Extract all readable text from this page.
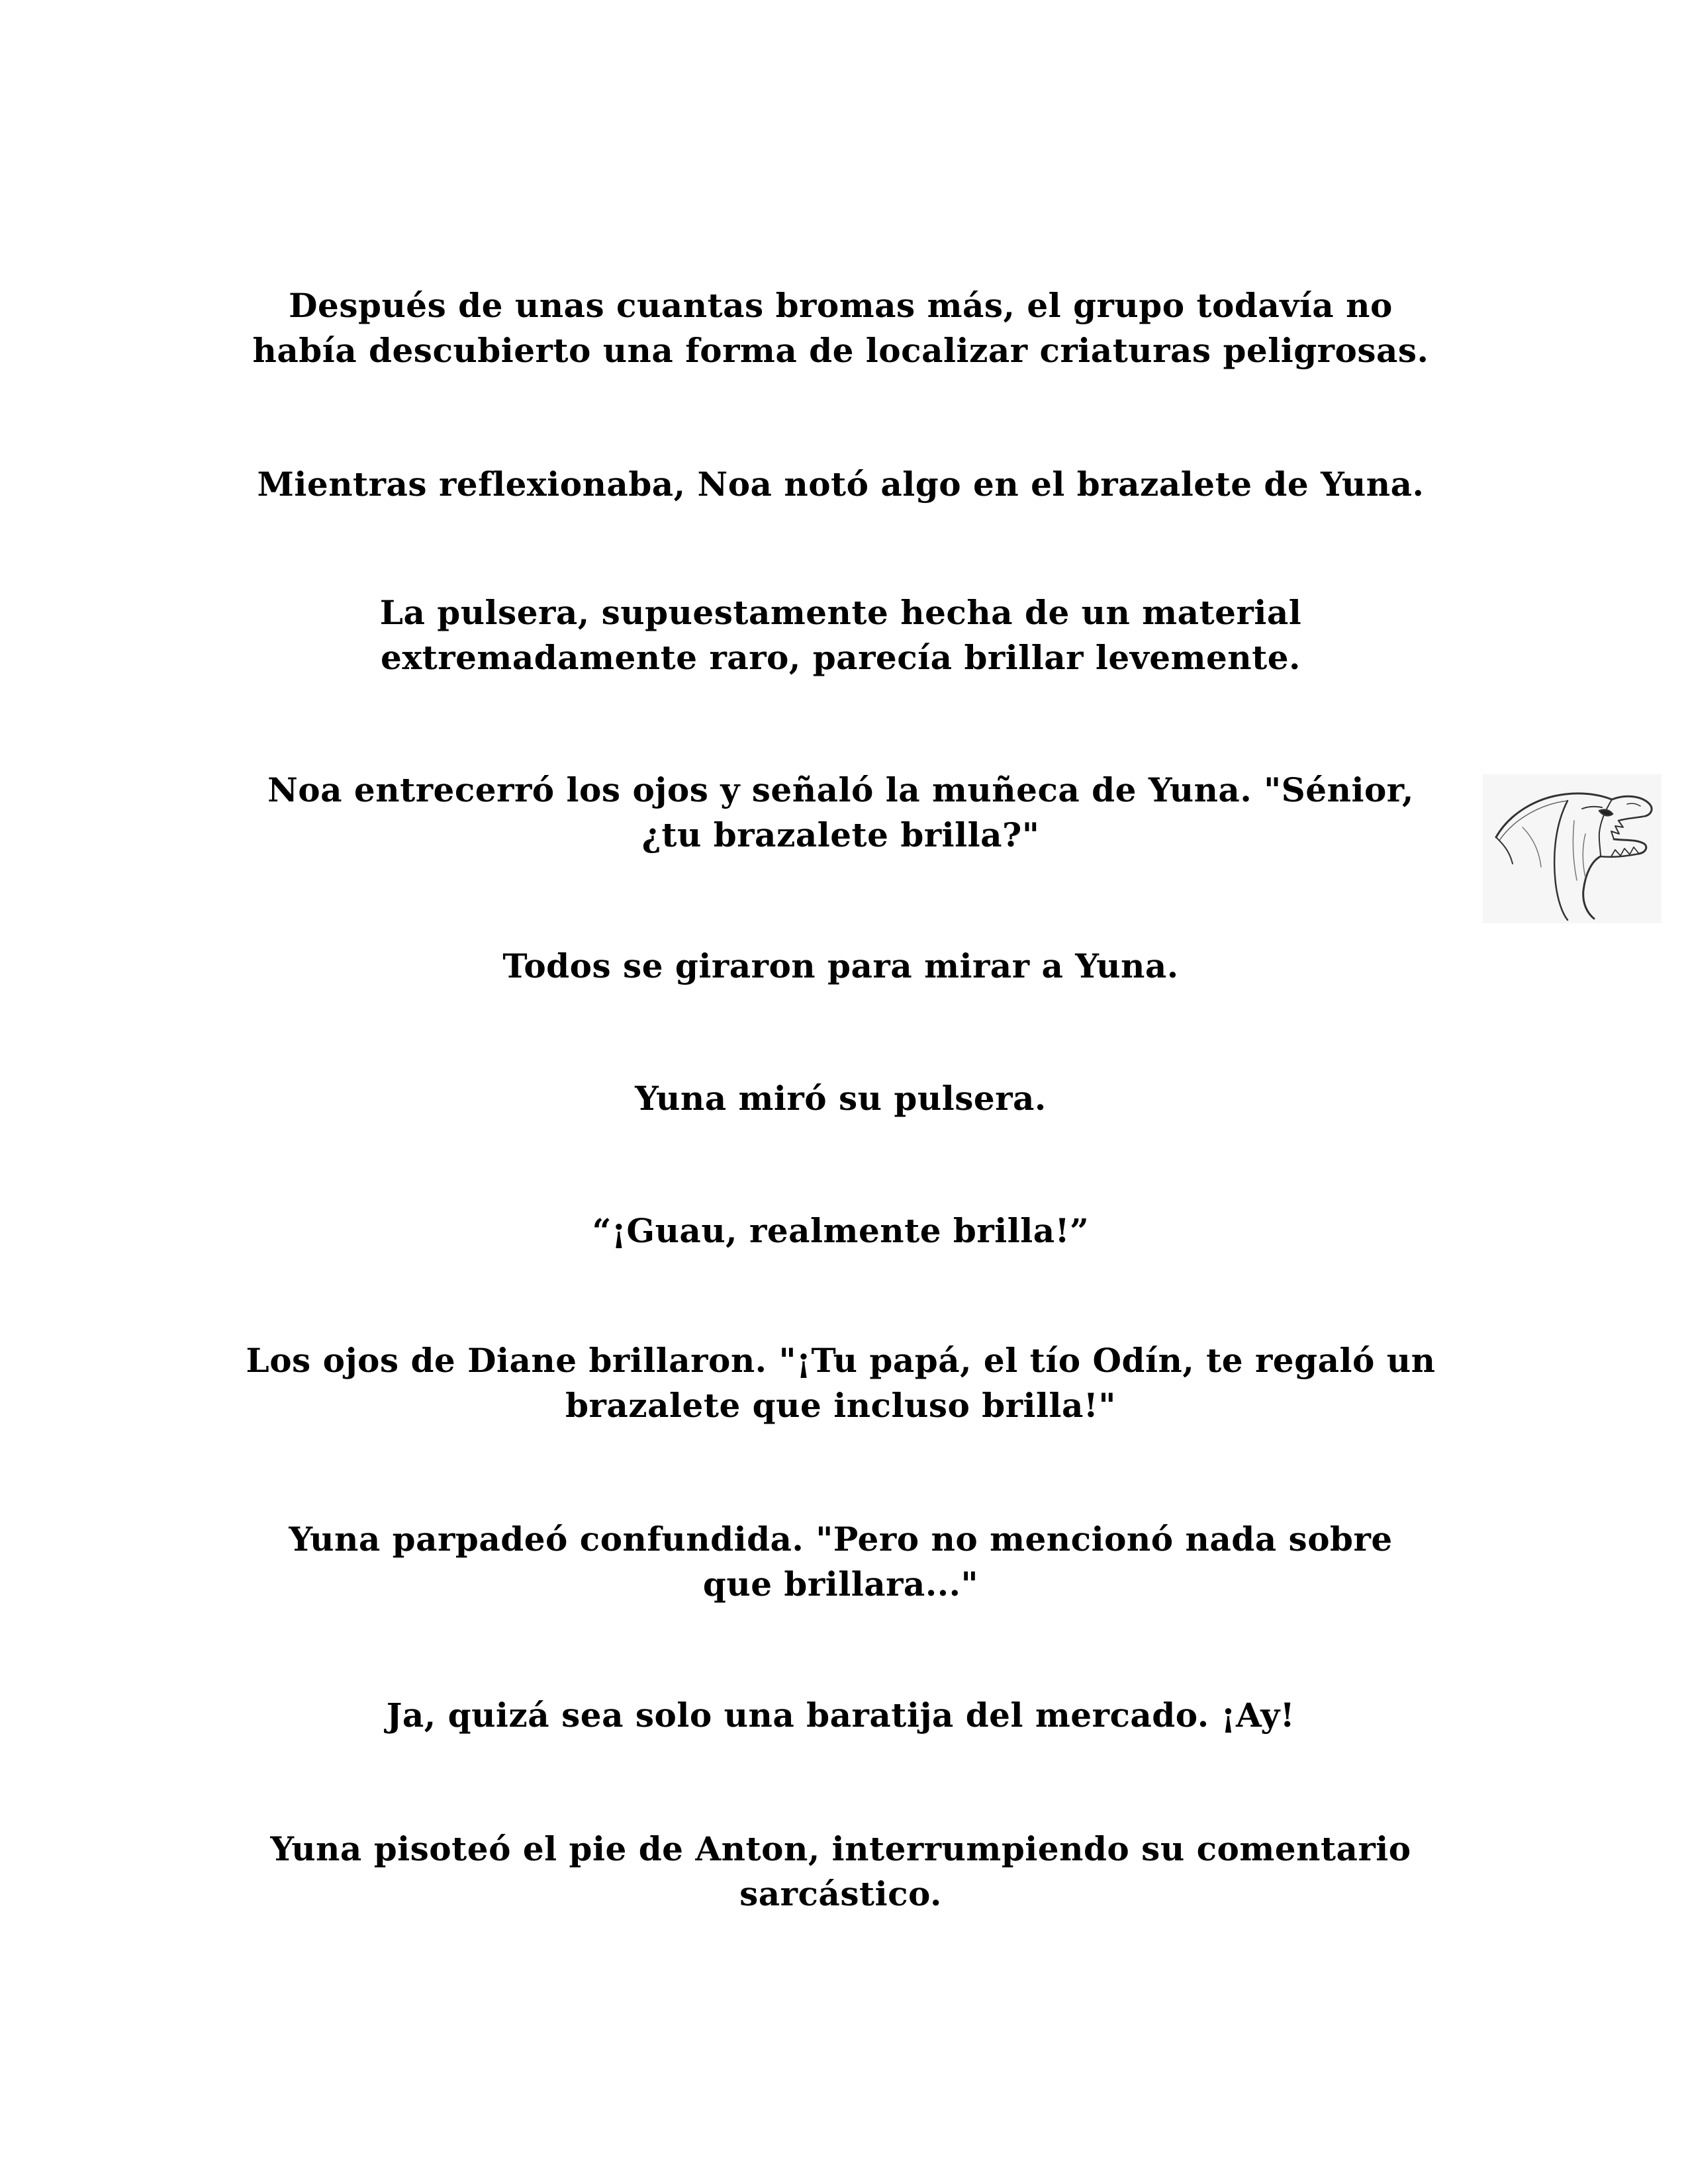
Después de unas cuantas bromas más, el grupo todavía no
había descubierto una forma de localizar criaturas peligrosas.

Mientras reflexionaba, Noa notó algo en el brazalete de Yuna.

La pulsera, supuestamente hecha de un material
extremadamente raro, parecía brillar levemente.

Noa entrecerró los ojos y señaló la muñeca de Yuna. "Sénior,
¿tu brazalete brilla?"

Todos se giraron para mirar a Yuna.

Yuna miró su pulsera.

“¡Guau, realmente brilla!”

Los ojos de Diane brillaron. "¡Tu papá, el tío Odín, te regaló un
brazalete que incluso brilla!"

Yuna parpadeó confundida. "Pero no mencionó nada sobre
que brillara..."

Ja, quizá sea solo una baratija del mercado. ¡Ay!

Yuna pisoteó el pie de Anton, interrumpiendo su comentario
sarcástico.
